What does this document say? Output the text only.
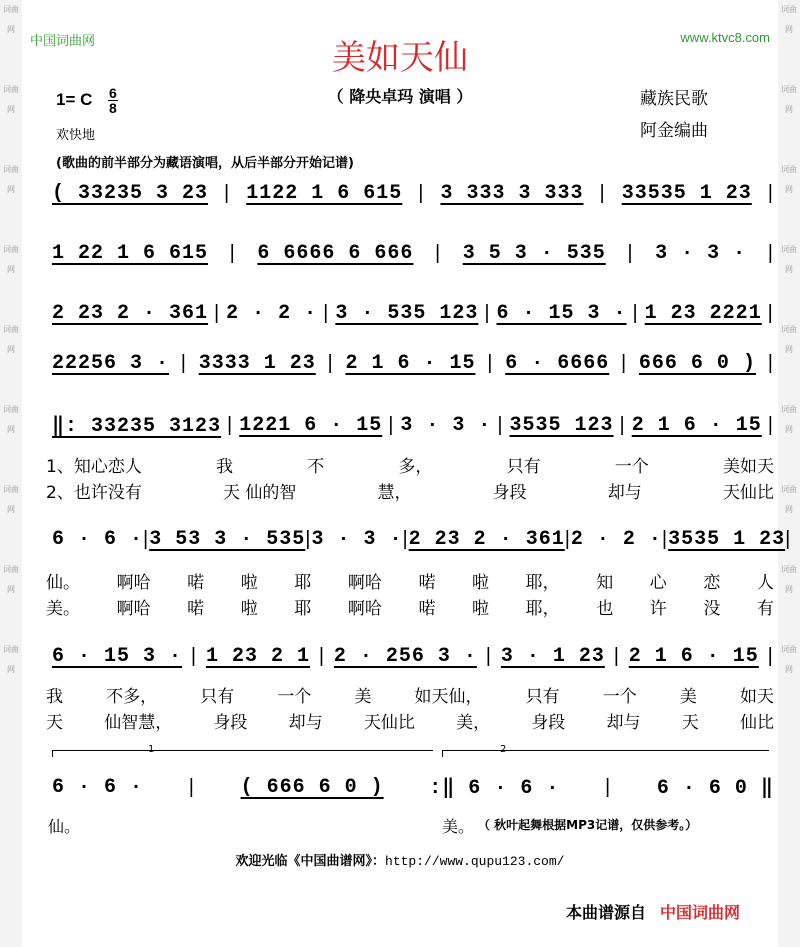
词曲网
词曲网
词曲网
词曲网
词曲网
词曲网
词曲网
词曲网
词曲网
词曲网
词曲网
词曲网
词曲网
词曲网
词曲网
词曲网
词曲网
词曲网
中国词曲网	www.ktvc8.com
美如天仙
（ 降央卓玛 演唱 ）
1= C 6
8
欢快地
藏族民歌
阿金编曲
(歌曲的前半部分为藏语演唱，从后半部分开始记谱)
( 33235 3 23 | 1122 1 6 615 | 3 333 3 333 | 33535 1 23 |
1 22 1 6 615 | 6 6666 6 666 | 3 5 3 · 535 | 3 · 3 · |
2 23 2 · 361 | 2 · 2 · | 3 · 535 123 | 6 · 15 3 · | 1 23 2221 |
22256 3 · | 3333 1 23 | 2 1 6 · 15 | 6 · 6666 | 666 6 0 ) |
‖: 33235 3123 | 1221 6 · 15 | 3 · 3 · | 3535 123 | 2 1 6 · 15 |
1、知心恋人	我	不	多，	只有	一个	美如天
2、也许没有	天 仙的智	慧，	身段	却与	天仙比
6 · 6 · | 3 53 3 · 535 | 3 · 3 · | 2 23 2 · 361 | 2 · 2 · | 3535 1 23 |
仙。 啊哈 喏 啦 耶 啊哈 喏 啦 耶， 知 心 恋 人
美。 啊哈 喏 啦 耶 啊哈 喏 啦 耶， 也 许 没 有
6 · 15 3 · | 1 23 2 1 | 2 · 256 3 · | 3 · 1 23 | 2 1 6 · 15 |
我	不多，	只有	一个	美	如天仙，	只有	一个	美	如天
天 仙智慧， 身段 却与 天仙比 美， 身段 却与 天 仙比
1	2
6 · 6 · | ( 666 6 0 ) :‖ 6 · 6 · | 6 · 6 0 ‖
仙。	美。 （ 秋叶起舞根据MP3记谱，仅供参考。）
欢迎光临《中国曲谱网》：http://www.qupu123.com/
本曲谱源自 中国词曲网
